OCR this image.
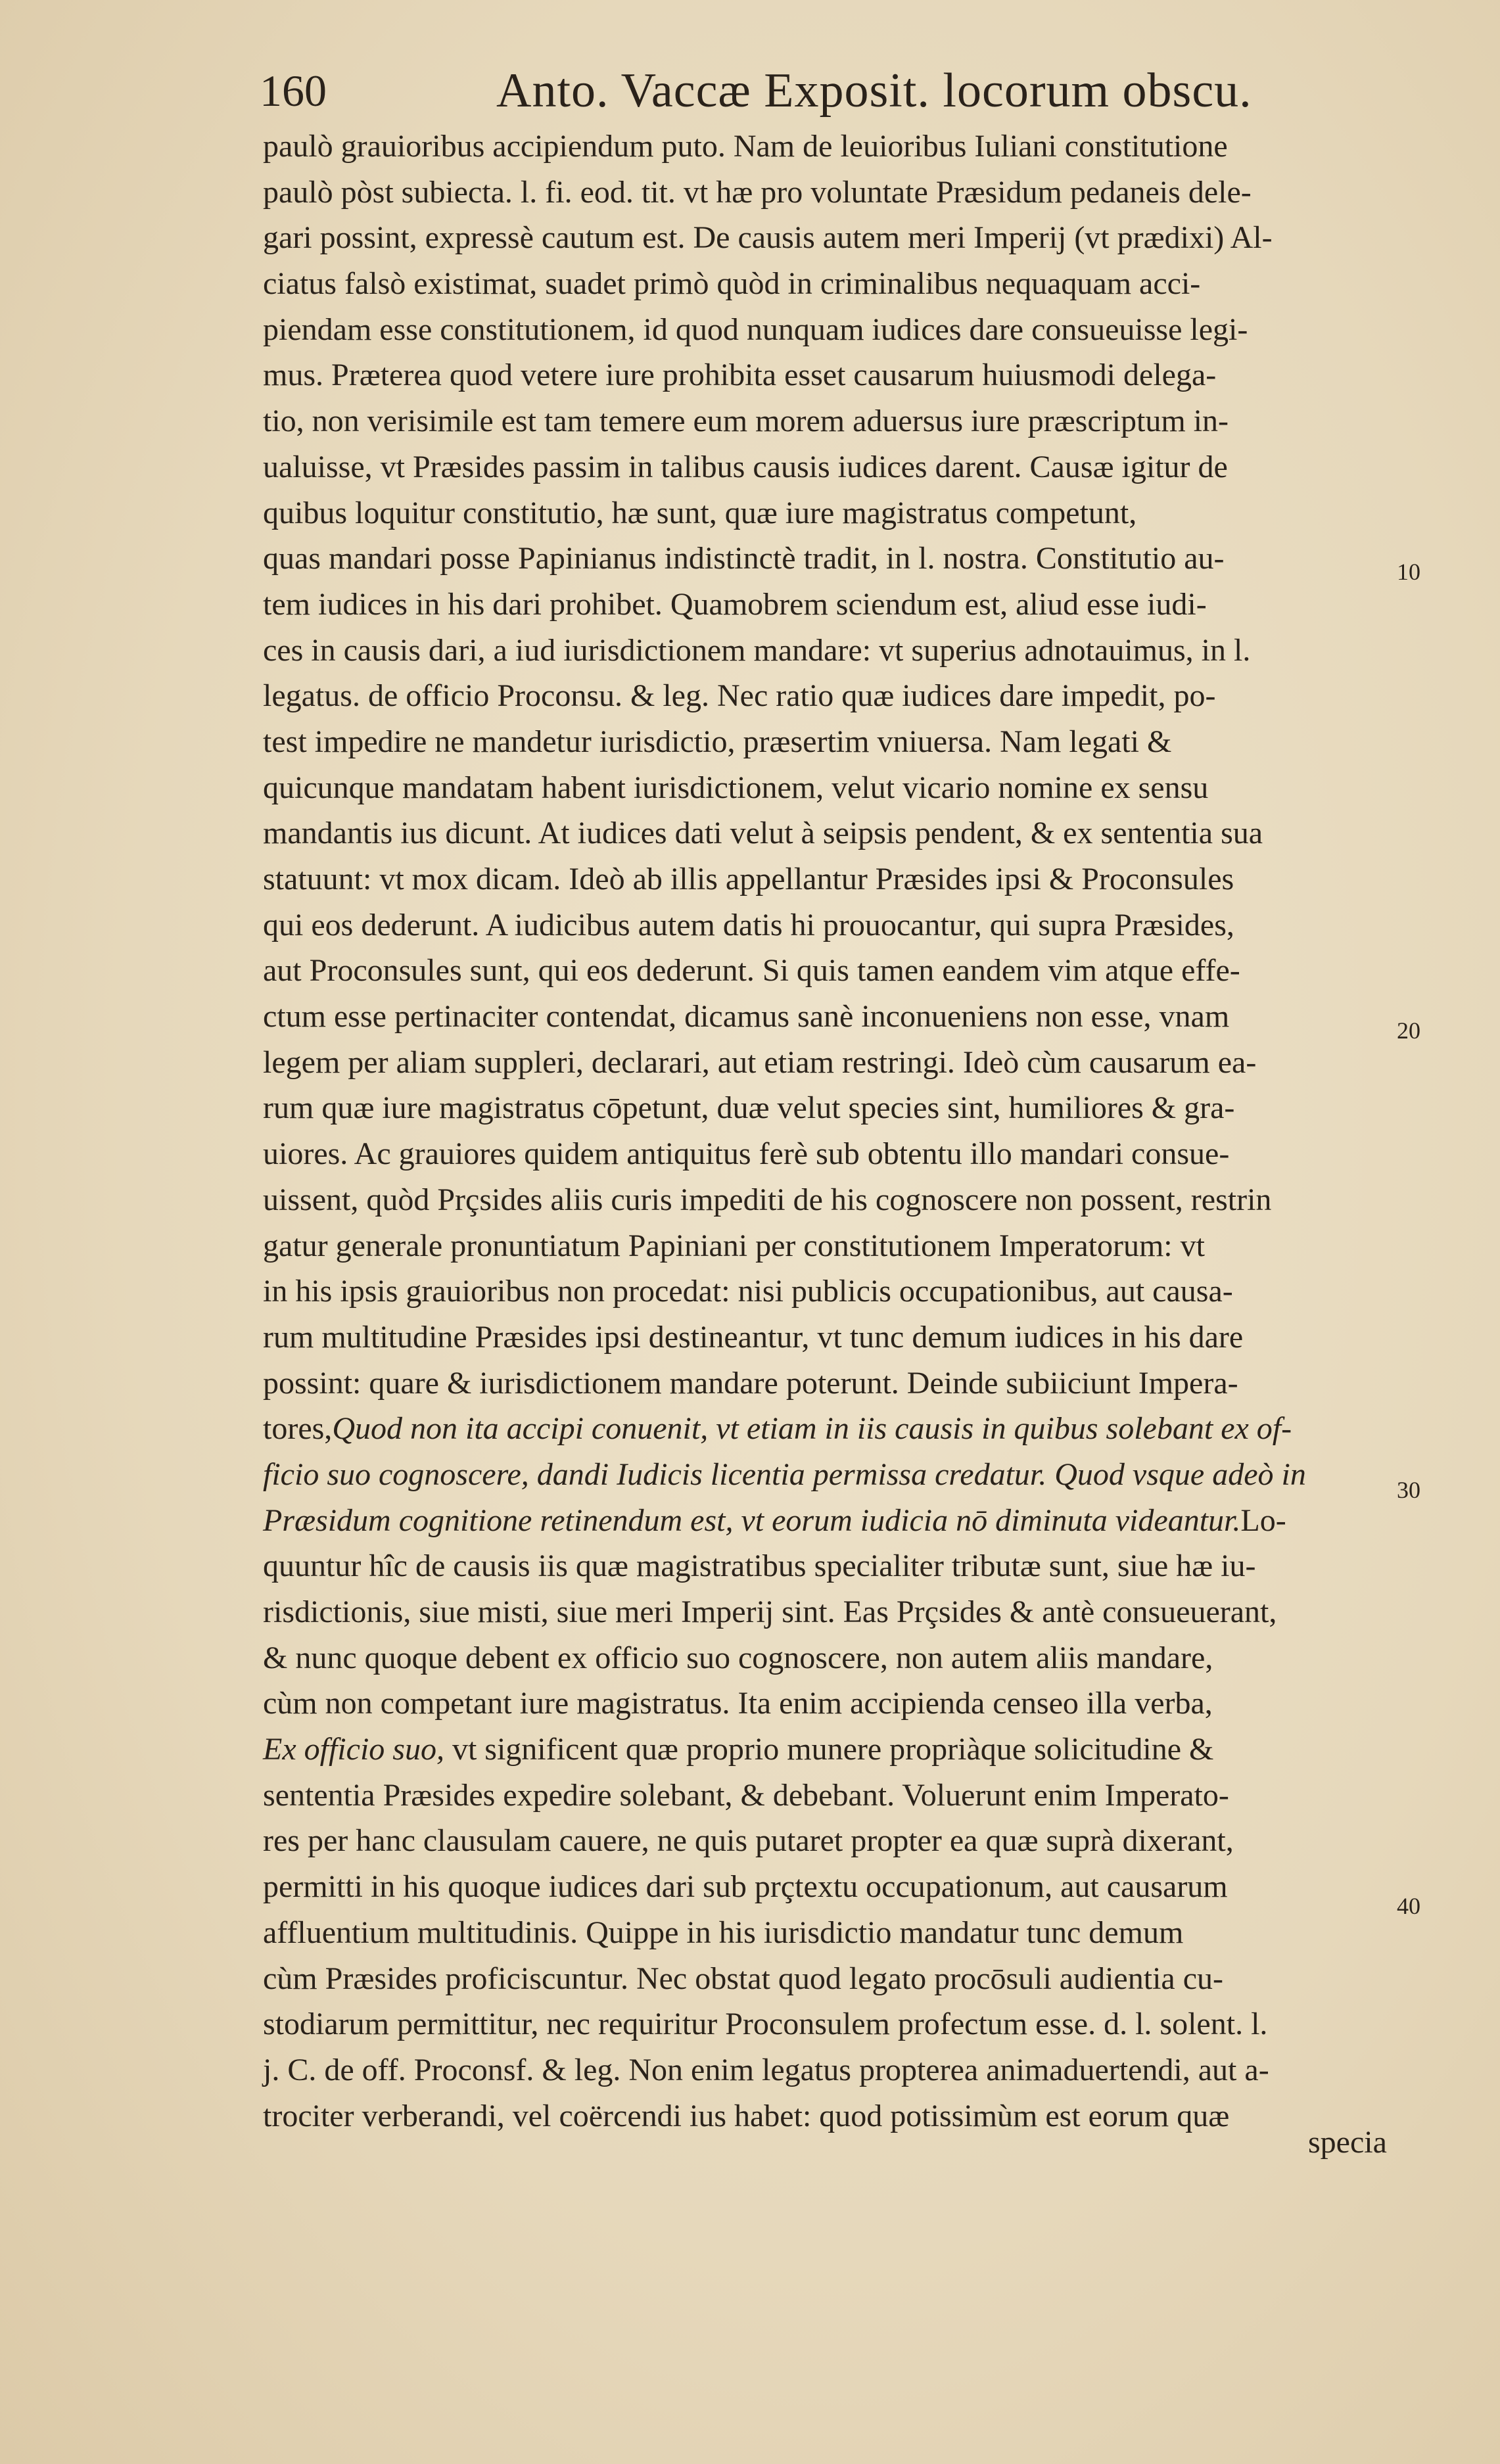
160	Anto. Vaccæ Exposit. locorum obscu.
paulò grauioribus accipiendum puto. Nam de leuioribus Iuliani constitutione
paulò pòst subiecta. l. fi. eod. tit. vt hæ pro voluntate Præsidum pedaneis dele-
gari possint, expressè cautum est. De causis autem meri Imperij (vt prædixi) Al-
ciatus falsò existimat, suadet primò quòd in criminalibus nequaquam acci-
piendam esse constitutionem, id quod nunquam iudices dare consueuisse legi-
mus. Præterea quod vetere iure prohibita esset causarum huiusmodi delega-
tio, non verisimile est tam temere eum morem aduersus iure præscriptum in-
ualuisse, vt Præsides passim in talibus causis iudices darent. Causæ igitur de
quibus loquitur constitutio, hæ sunt, quæ iure magistratus competunt,
quas mandari posse Papinianus indistinctè tradit, in l. nostra. Constitutio au-
tem iudices in his dari prohibet. Quamobrem sciendum est, aliud esse iudi-
ces in causis dari, a iud iurisdictionem mandare: vt superius adnotauimus, in l.
legatus. de officio Proconsu. & leg. Nec ratio quæ iudices dare impedit, po-
test impedire ne mandetur iurisdictio, præsertim vniuersa. Nam legati &
quicunque mandatam habent iurisdictionem, velut vicario nomine ex sensu
mandantis ius dicunt. At iudices dati velut à seipsis pendent, & ex sententia sua
statuunt: vt mox dicam. Ideò ab illis appellantur Præsides ipsi & Proconsules
qui eos dederunt. A iudicibus autem datis hi prouocantur, qui supra Præsides,
aut Proconsules sunt, qui eos dederunt. Si quis tamen eandem vim atque effe-
ctum esse pertinaciter contendat, dicamus sanè inconueniens non esse, vnam
legem per aliam suppleri, declarari, aut etiam restringi. Ideò cùm causarum ea-
rum quæ iure magistratus cōpetunt, duæ velut species sint, humiliores & gra-
uiores. Ac grauiores quidem antiquitus ferè sub obtentu illo mandari consue-
uissent, quòd Prçsides aliis curis impediti de his cognoscere non possent, restrin
gatur generale pronuntiatum Papiniani per constitutionem Imperatorum: vt
in his ipsis grauioribus non procedat: nisi publicis occupationibus, aut causa-
rum multitudine Præsides ipsi destineantur, vt tunc demum iudices in his dare
possint: quare & iurisdictionem mandare poterunt. Deinde subiiciunt Impera-
tores,Quod non ita accipi conuenit, vt etiam in iis causis in quibus solebant ex of-
ficio suo cognoscere, dandi Iudicis licentia permissa credatur. Quod vsque adeò in
Præsidum cognitione retinendum est, vt eorum iudicia nō diminuta videantur.Lo-
quuntur hîc de causis iis quæ magistratibus specialiter tributæ sunt, siue hæ iu-
risdictionis, siue misti, siue meri Imperij sint. Eas Prçsides & antè consueuerant,
& nunc quoque debent ex officio suo cognoscere, non autem aliis mandare,
cùm non competant iure magistratus. Ita enim accipienda censeo illa verba,
Ex officio suo, vt significent quæ proprio munere propriàque solicitudine &
sententia Præsides expedire solebant, & debebant. Voluerunt enim Imperato-
res per hanc clausulam cauere, ne quis putaret propter ea quæ suprà dixerant,
permitti in his quoque iudices dari sub prçtextu occupationum, aut causarum
affluentium multitudinis. Quippe in his iurisdictio mandatur tunc demum
cùm Præsides proficiscuntur. Nec obstat quod legato procōsuli audientia cu-
stodiarum permittitur, nec requiritur Proconsulem profectum esse. d. l. solent. l.
j. C. de off. Proconsf. & leg. Non enim legatus propterea animaduertendi, aut a-
trociter verberandi, vel coërcendi ius habet: quod potissimùm est eorum quæ
10
20
30
40
specia
